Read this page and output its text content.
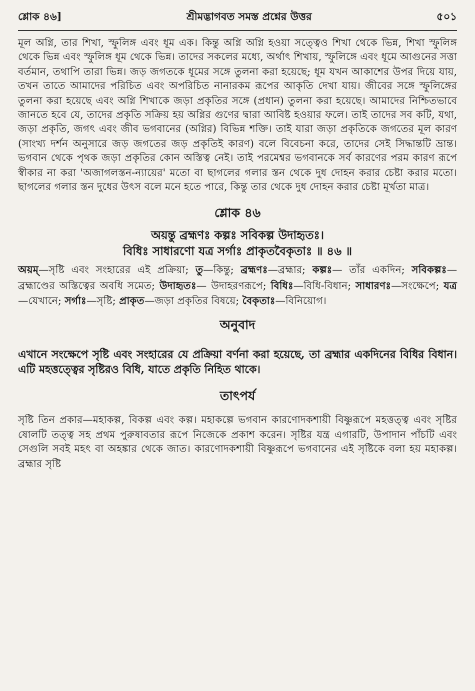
শ্লোক ৪৬]	শ্রীমদ্ভাগবত সমস্ত প্রশ্নের উত্তর	৫০১

মূল অগ্নি, তার শিখা, স্ফুলিঙ্গ এবং ধূম এক। কিন্তু অগ্নি অগ্নি হওয়া সত্ত্বেও শিখা থেকে ভিন্ন, শিখা স্ফুলিঙ্গ থেকে ভিন্ন এবং স্ফুলিঙ্গ ধূম থেকে ভিন্ন। তাদের সকলের মধ্যে, অর্থাৎ শিখায়, স্ফুলিঙ্গে এবং ধূমে আগুনের সত্তা বর্তমান, তথাপি তারা ভিন্ন। জড় জগতকে ধূমের সঙ্গে তুলনা করা হয়েছে; ধূম যখন আকাশের উপর দিয়ে যায়, তখন তাতে আমাদের পরিচিত এবং অপরিচিত নানারকম রূপের আকৃতি দেখা যায়। জীবের সঙ্গে স্ফুলিঙ্গের তুলনা করা হয়েছে এবং অগ্নি শিখাকে জড়া প্রকৃতির সঙ্গে (প্রধান) তুলনা করা হয়েছে। আমাদের নিশ্চিতভাবে জানতে হবে যে, তাদের প্রকৃতি সক্রিয় হয় অগ্নির গুণের দ্বারা আবিষ্ট হওয়ার ফলে। তাই তাদের সব কটি, যথা, জড়া প্রকৃতি, জগৎ এবং জীব ভগবানের (অগ্নির) বিভিন্ন শক্তি। তাই যারা জড়া প্রকৃতিকে জগতের মূল কারণ (সাংখ্য দর্শন অনুসারে জড় জগতের জড় প্রকৃতিই কারণ) বলে বিবেচনা করে, তাদের সেই সিদ্ধান্তটি ভ্রান্ত। ভগবান থেকে পৃথক জড়া প্রকৃতির কোন অস্তিত্ব নেই। তাই পরমেশ্বর ভগবানকে সর্ব কারণের পরম কারণ রূপে স্বীকার না করা 'অজাগলস্তন-ন্যায়ের' মতো বা ছাগলের গলার স্তন থেকে দুধ দোহন করার চেষ্টা করার মতো। ছাগলের গলার স্তন দুধের উৎস বলে মনে হতে পারে, কিন্তু তার থেকে দুধ দোহন করার চেষ্টা মূর্খতা মাত্র।

শ্লোক ৪৬
অয়ন্তু ব্রহ্মণঃ কল্পঃ সবিকল্প উদাহৃতঃ।
বিধিঃ সাধারণো যত্র সর্গাঃ প্রাকৃতবৈকৃতাঃ ॥ ৪৬ ॥

অয়ম্—সৃষ্টি এবং সংহারের এই প্রক্রিয়া; তু—কিন্তু; ব্রহ্মণঃ—ব্রহ্মার; কল্পঃ— তাঁর একদিন; সবিকল্পঃ—ব্রহ্মাণ্ডের অস্তিত্বের অবধি সমেত; উদাহৃতঃ— উদাহরণরূপে; বিধিঃ—বিধি-বিধান; সাধারণঃ—সংক্ষেপে; যত্র—যেখানে; সর্গাঃ—সৃষ্টি; প্রাকৃত—জড়া প্রকৃতির বিষয়ে; বৈকৃতাঃ—বিনিয়োগ।

অনুবাদ

এখানে সংক্ষেপে সৃষ্টি এবং সংহারের যে প্রক্রিয়া বর্ণনা করা হয়েছে, তা ব্রহ্মার একদিনের বিধির বিধান। এটি মহত্তত্ত্বের সৃষ্টিরও বিধি, যাতে প্রকৃতি নিহিত থাকে।

তাৎপর্য

সৃষ্টি তিন প্রকার—মহাকল্প, বিকল্প এবং কল্প। মহাকল্পে ভগবান কারণোদকশায়ী বিষ্ণুরূপে মহত্তত্ত্ব এবং সৃষ্টির ষোলটি তত্ত্ব সহ প্রথম পুরুষাবতার রূপে নিজেকে প্রকাশ করেন। সৃষ্টির যন্ত্র এগারটি, উপাদান পাঁচটি এবং সেগুলি সবই মহৎ বা অহঙ্কার থেকে জাত। কারণোদকশায়ী বিষ্ণুরূপে ভগবানের এই সৃষ্টিকে বলা হয় মহাকল্প। ব্রহ্মার সৃষ্টি
